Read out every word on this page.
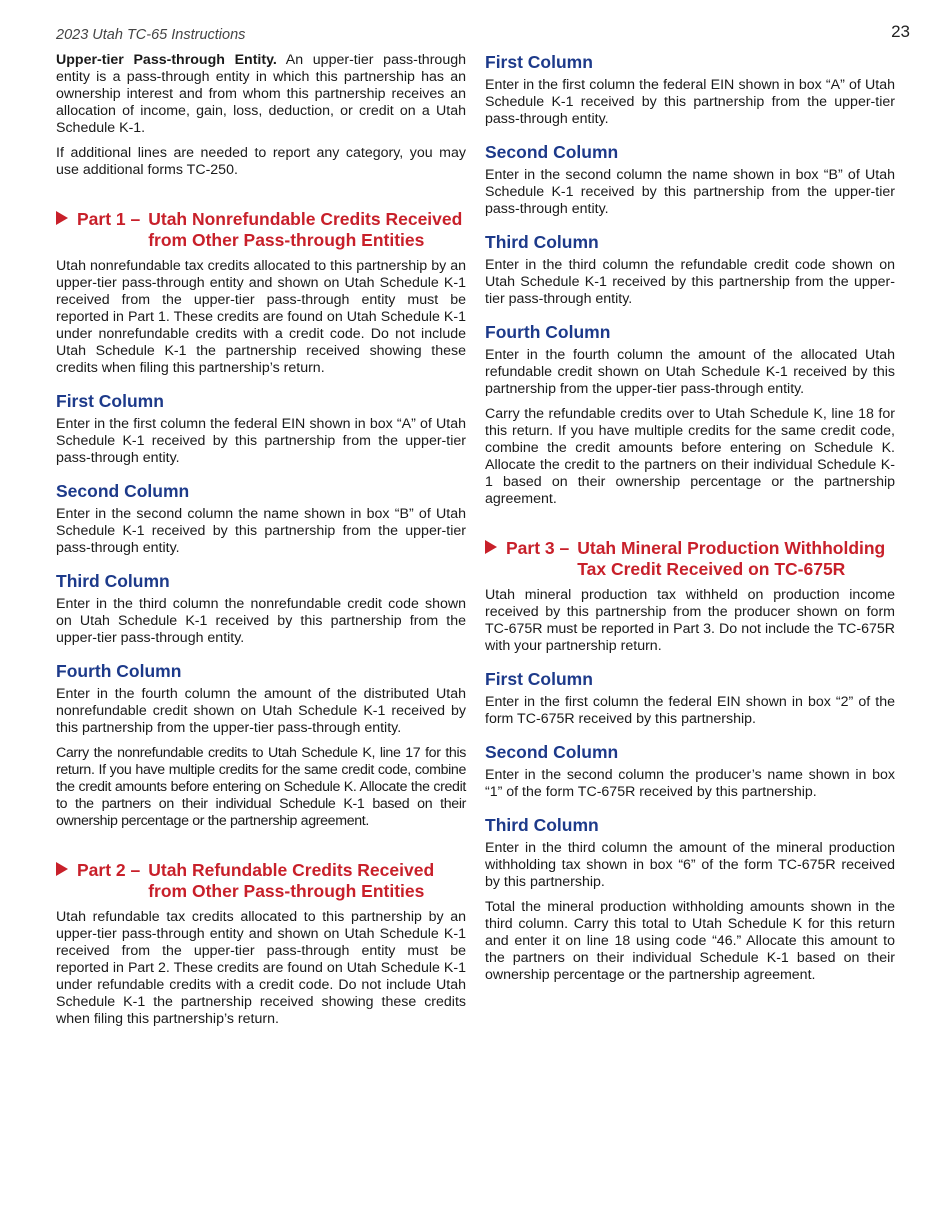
2023 Utah TC-65 Instructions	23

Upper-tier Pass-through Entity. An upper-tier pass-through entity is a pass-through entity in which this partnership has an ownership interest and from whom this partnership receives an allocation of income, gain, loss, deduction, or credit on a Utah Schedule K-1.

If additional lines are needed to report any category, you may use additional forms TC-250.

Part 1 – Utah Nonrefundable Credits Received from Other Pass-through Entities

Utah nonrefundable tax credits allocated to this partnership by an upper-tier pass-through entity and shown on Utah Schedule K-1 received from the upper-tier pass-through entity must be reported in Part 1. These credits are found on Utah Schedule K-1 under nonrefundable credits with a credit code. Do not include Utah Schedule K-1 the partnership received showing these credits when filing this partnership’s return.

First Column

Enter in the first column the federal EIN shown in box “A” of Utah Schedule K-1 received by this partnership from the upper-tier pass-through entity.

Second Column

Enter in the second column the name shown in box “B” of Utah Schedule K-1 received by this partnership from the upper-tier pass-through entity.

Third Column

Enter in the third column the nonrefundable credit code shown on Utah Schedule K-1 received by this partnership from the upper-tier pass-through entity.

Fourth Column

Enter in the fourth column the amount of the distributed Utah nonrefundable credit shown on Utah Schedule K-1 received by this partnership from the upper-tier pass-through entity.

Carry the nonrefundable credits to Utah Schedule K, line 17 for this return. If you have multiple credits for the same credit code, combine the credit amounts before entering on Schedule K. Allocate the credit to the partners on their individual Schedule K-1 based on their ownership percentage or the partnership agreement.

Part 2 – Utah Refundable Credits Received from Other Pass-through Entities

Utah refundable tax credits allocated to this partnership by an upper-tier pass-through entity and shown on Utah Schedule K-1 received from the upper-tier pass-through entity must be reported in Part 2. These credits are found on Utah Schedule K-1 under refundable credits with a credit code. Do not include Utah Schedule K-1 the partnership received showing these credits when filing this partnership’s return.

First Column

Enter in the first column the federal EIN shown in box “A” of Utah Schedule K-1 received by this partnership from the upper-tier pass-through entity.

Second Column

Enter in the second column the name shown in box “B” of Utah Schedule K-1 received by this partnership from the upper-tier pass-through entity.

Third Column

Enter in the third column the refundable credit code shown on Utah Schedule K-1 received by this partnership from the upper-tier pass-through entity.

Fourth Column

Enter in the fourth column the amount of the allocated Utah refundable credit shown on Utah Schedule K-1 received by this partnership from the upper-tier pass-through entity.

Carry the refundable credits over to Utah Schedule K, line 18 for this return. If you have multiple credits for the same credit code, combine the credit amounts before entering on Schedule K. Allocate the credit to the partners on their individual Schedule K-1 based on their ownership percentage or the partnership agreement.

Part 3 – Utah Mineral Production Withholding Tax Credit Received on TC-675R

Utah mineral production tax withheld on production income received by this partnership from the producer shown on form TC-675R must be reported in Part 3. Do not include the TC-675R with your partnership return.

First Column

Enter in the first column the federal EIN shown in box “2” of the form TC-675R received by this partnership.

Second Column

Enter in the second column the producer’s name shown in box “1” of the form TC-675R received by this partnership.

Third Column

Enter in the third column the amount of the mineral production withholding tax shown in box “6” of the form TC-675R received by this partnership.

Total the mineral production withholding amounts shown in the third column. Carry this total to Utah Schedule K for this return and enter it on line 18 using code “46.” Allocate this amount to the partners on their individual Schedule K-1 based on their ownership percentage or the partnership agreement.
